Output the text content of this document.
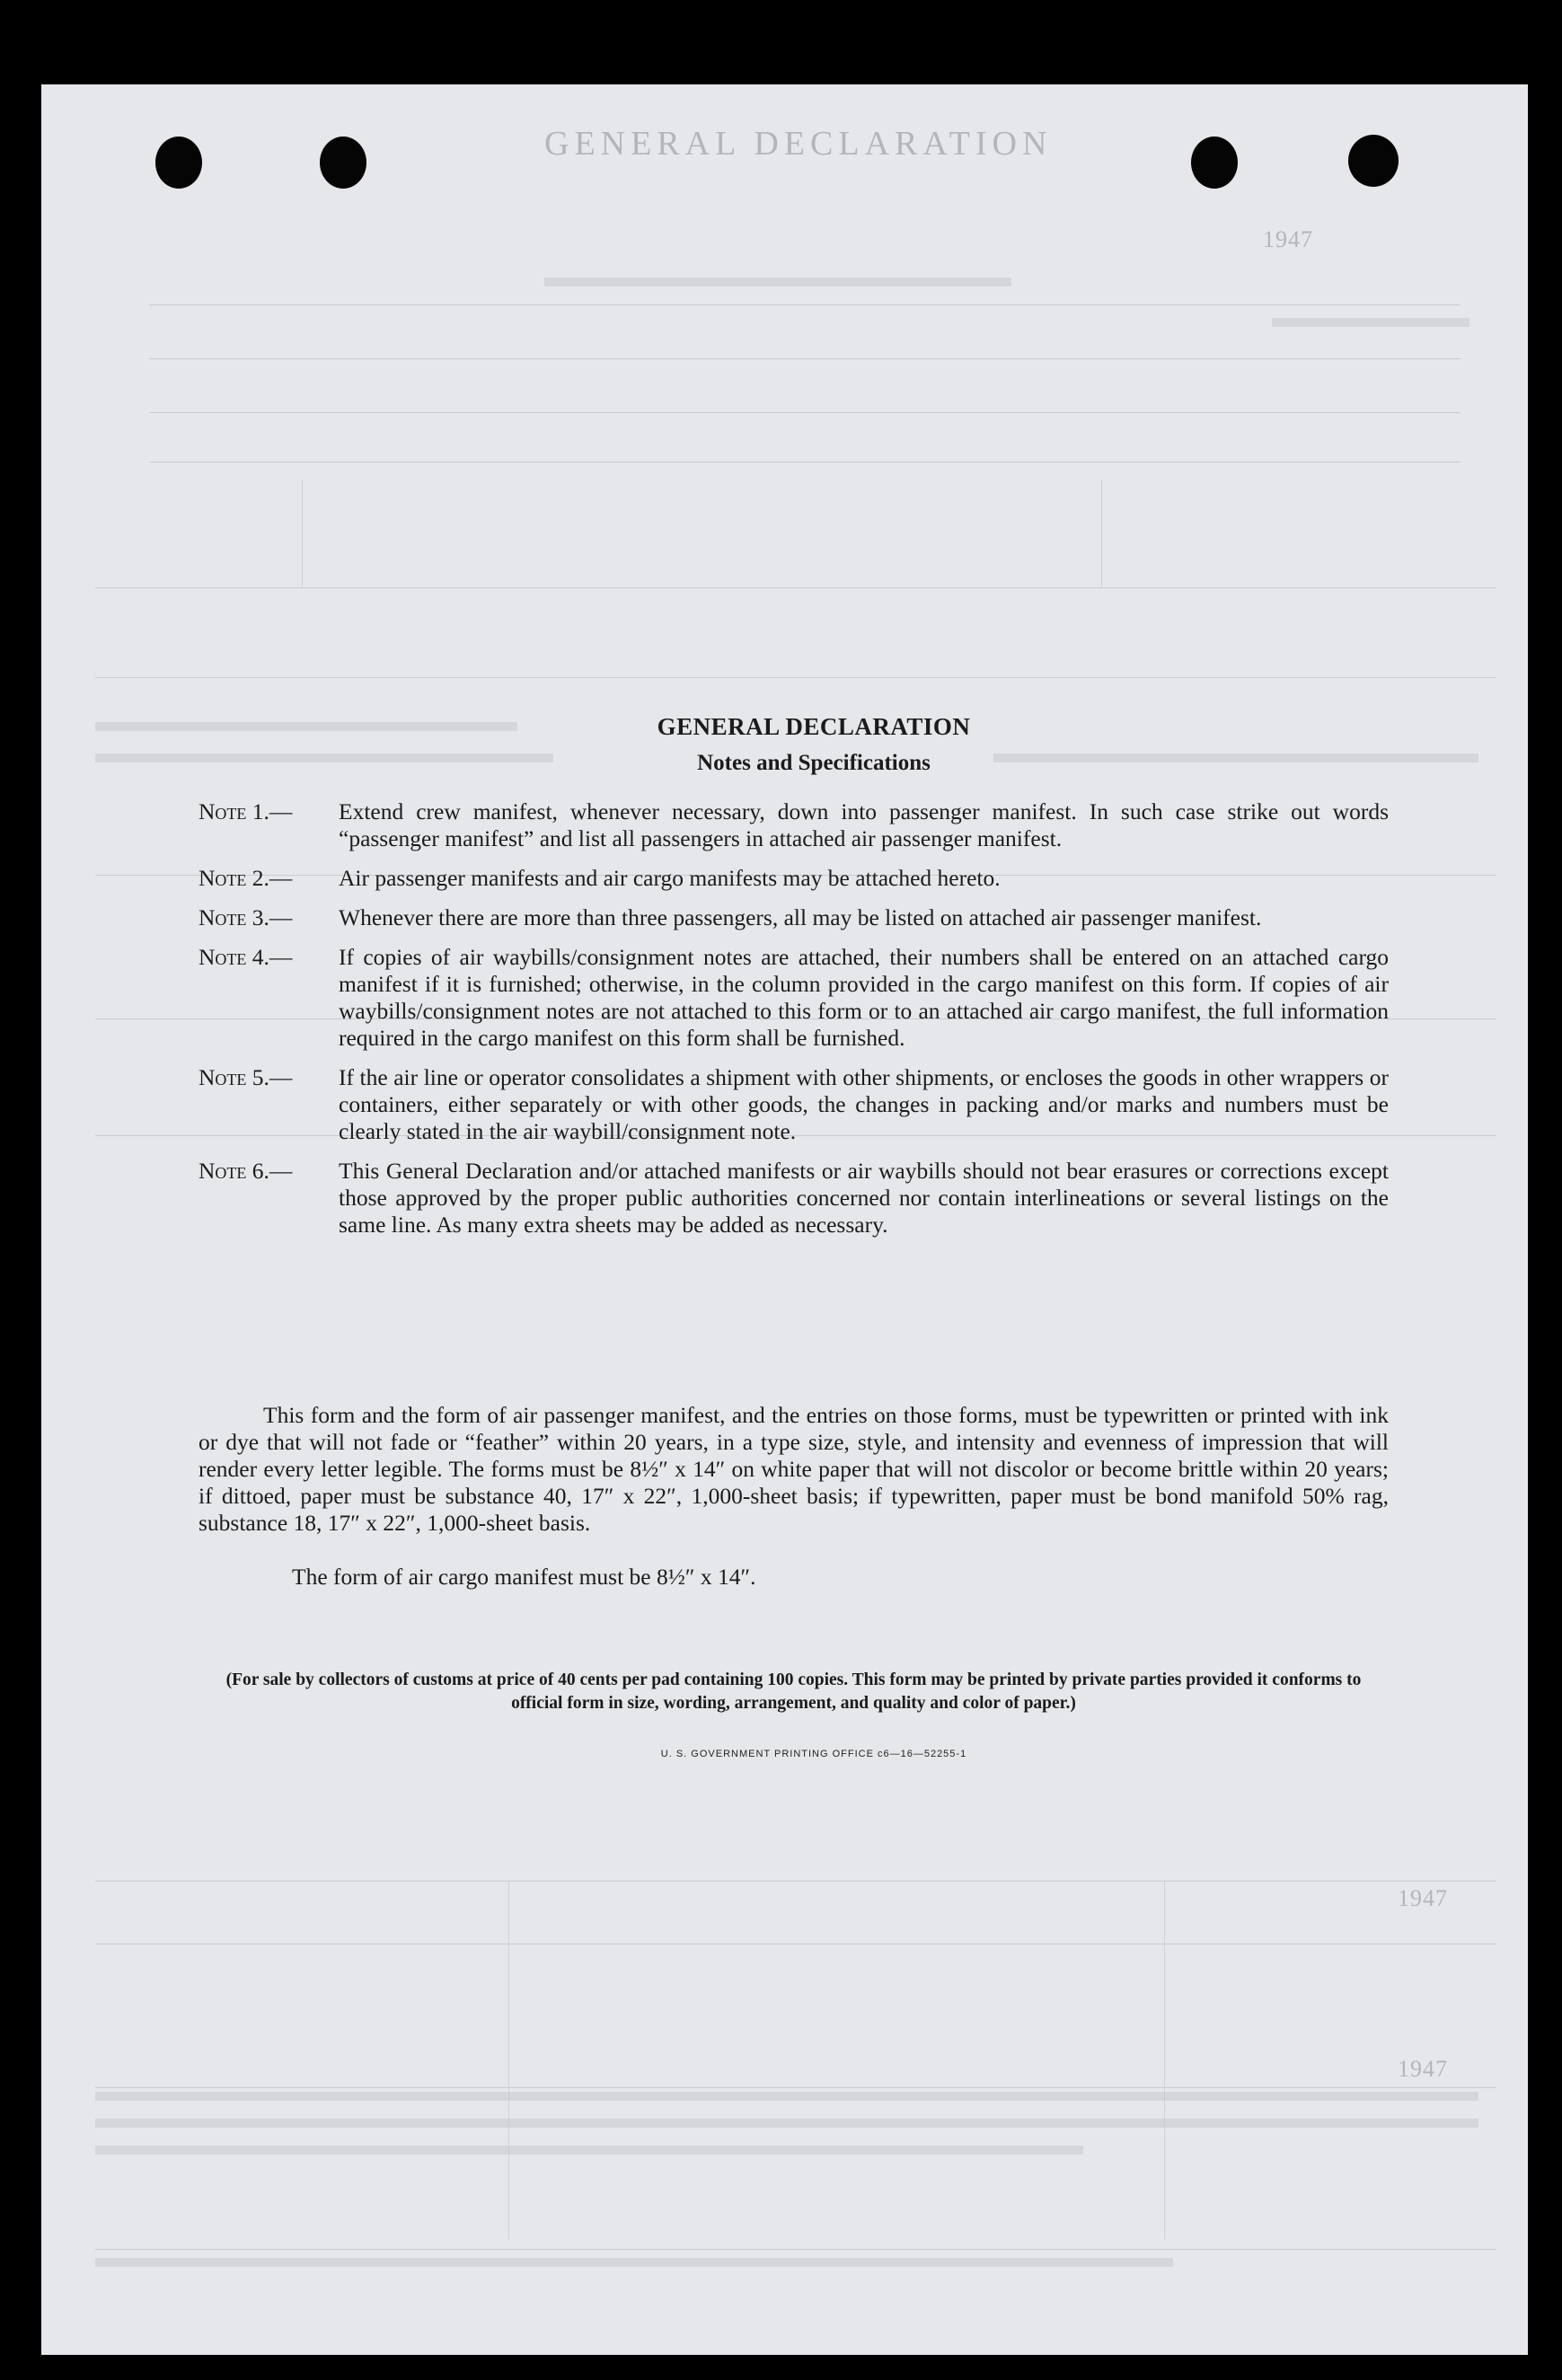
GENERAL DECLARATION
1947
1947
1947
GENERAL DECLARATION
Notes and Specifications
Note 1.— Extend crew manifest, whenever necessary, down into passenger manifest. In such case strike out words “passenger manifest” and list all passengers in attached air passenger manifest.
Note 2.— Air passenger manifests and air cargo manifests may be attached hereto.
Note 3.— Whenever there are more than three passengers, all may be listed on attached air passenger manifest.
Note 4.— If copies of air waybills/consignment notes are attached, their numbers shall be entered on an attached cargo manifest if it is furnished; otherwise, in the column provided in the cargo manifest on this form. If copies of air waybills/consignment notes are not attached to this form or to an attached air cargo manifest, the full information required in the cargo manifest on this form shall be furnished.
Note 5.— If the air line or operator consolidates a shipment with other shipments, or encloses the goods in other wrappers or containers, either separately or with other goods, the changes in packing and/or marks and numbers must be clearly stated in the air waybill/consignment note.
Note 6.— This General Declaration and/or attached manifests or air waybills should not bear erasures or corrections except those approved by the proper public authorities concerned nor contain interlineations or several listings on the same line. As many extra sheets may be added as necessary.

This form and the form of air passenger manifest, and the entries on those forms, must be typewritten or printed with ink or dye that will not fade or “feather” within 20 years, in a type size, style, and intensity and evenness of impression that will render every letter legible. The forms must be 8½″ x 14″ on white paper that will not discolor or become brittle within 20 years; if dittoed, paper must be substance 40, 17″ x 22″, 1,000-sheet basis; if typewritten, paper must be bond manifold 50% rag, substance 18, 17″ x 22″, 1,000-sheet basis.

The form of air cargo manifest must be 8½″ x 14″.

(For sale by collectors of customs at price of 40 cents per pad containing 100 copies. This form may be printed by private parties provided it conforms to official form in size, wording, arrangement, and quality and color of paper.)

U. S. GOVERNMENT PRINTING OFFICE c6—16—52255-1
